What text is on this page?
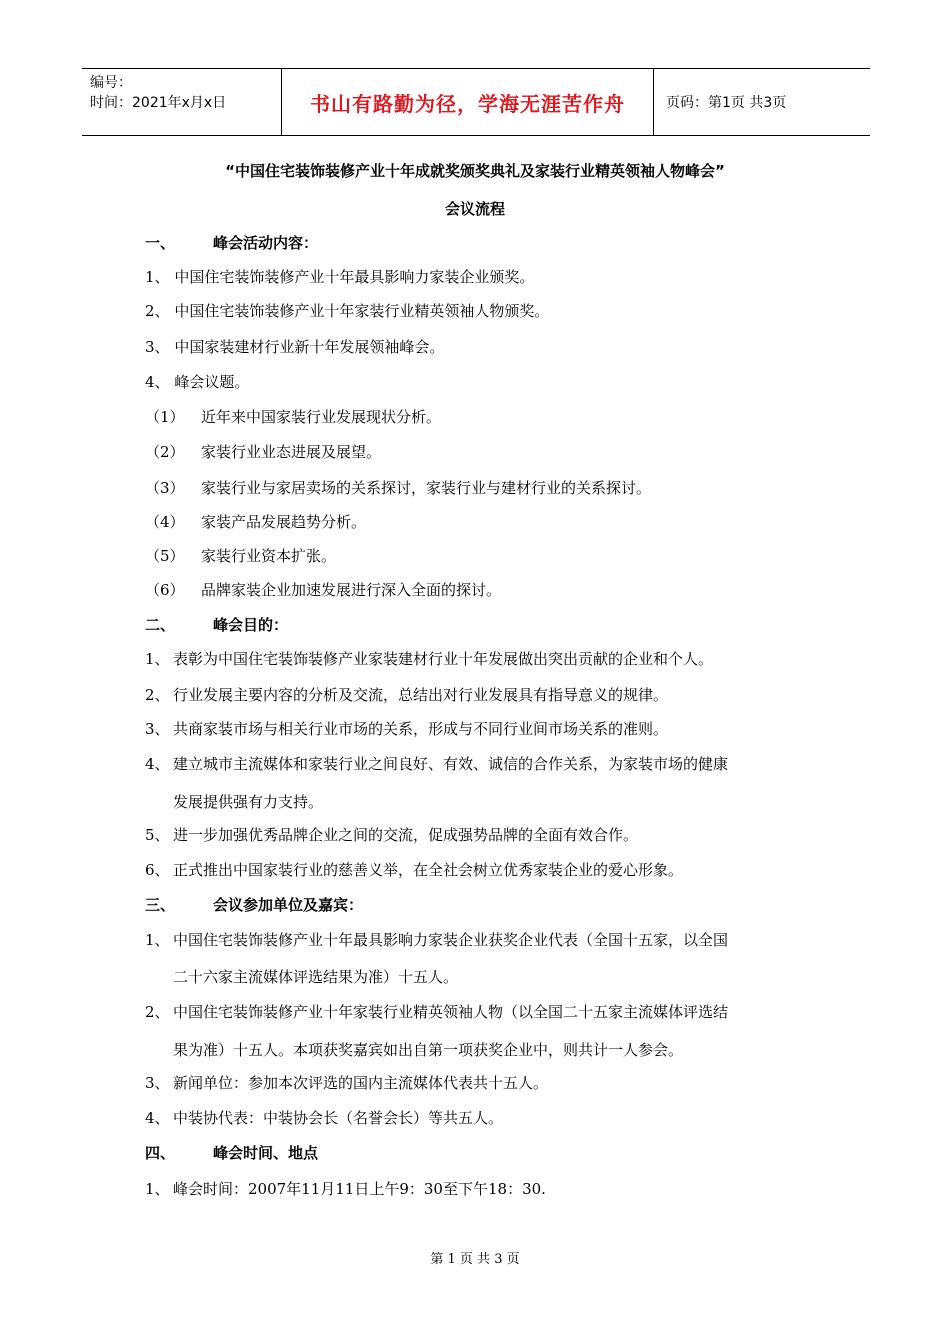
编号：
时间：2021年x月x日	书山有路勤为径，学海无涯苦作舟	页码：第1页 共3页
“中国住宅装饰装修产业十年成就奖颁奖典礼及家装行业精英领袖人物峰会”
会议流程
一、	峰会活动内容：
1、 中国住宅装饰装修产业十年最具影响力家装企业颁奖。
2、 中国住宅装饰装修产业十年家装行业精英领袖人物颁奖。
3、 中国家装建材行业新十年发展领袖峰会。
4、 峰会议题。
（1） 近年来中国家装行业发展现状分析。
（2） 家装行业业态进展及展望。
（3） 家装行业与家居卖场的关系探讨，家装行业与建材行业的关系探讨。
（4） 家装产品发展趋势分析。
（5） 家装行业资本扩张。
（6） 品牌家装企业加速发展进行深入全面的探讨。
二、	峰会目的：
1、 表彰为中国住宅装饰装修产业家装建材行业十年发展做出突出贡献的企业和个人。
2、 行业发展主要内容的分析及交流，总结出对行业发展具有指导意义的规律。
3、 共商家装市场与相关行业市场的关系，形成与不同行业间市场关系的准则。
4、 建立城市主流媒体和家装行业之间良好、有效、诚信的合作关系，为家装市场的健康
发展提供强有力支持。
5、 进一步加强优秀品牌企业之间的交流，促成强势品牌的全面有效合作。
6、 正式推出中国家装行业的慈善义举，在全社会树立优秀家装企业的爱心形象。
三、	会议参加单位及嘉宾：
1、 中国住宅装饰装修产业十年最具影响力家装企业获奖企业代表（全国十五家，以全国
二十六家主流媒体评选结果为准）十五人。
2、 中国住宅装饰装修产业十年家装行业精英领袖人物（以全国二十五家主流媒体评选结
果为准）十五人。本项获奖嘉宾如出自第一项获奖企业中，则共计一人参会。
3、 新闻单位：参加本次评选的国内主流媒体代表共十五人。
4、 中装协代表：中装协会长（名誉会长）等共五人。
四、	峰会时间、地点
1、 峰会时间：2007年11月11日上午9：30至下午18：30.
第 1 页 共 3 页
